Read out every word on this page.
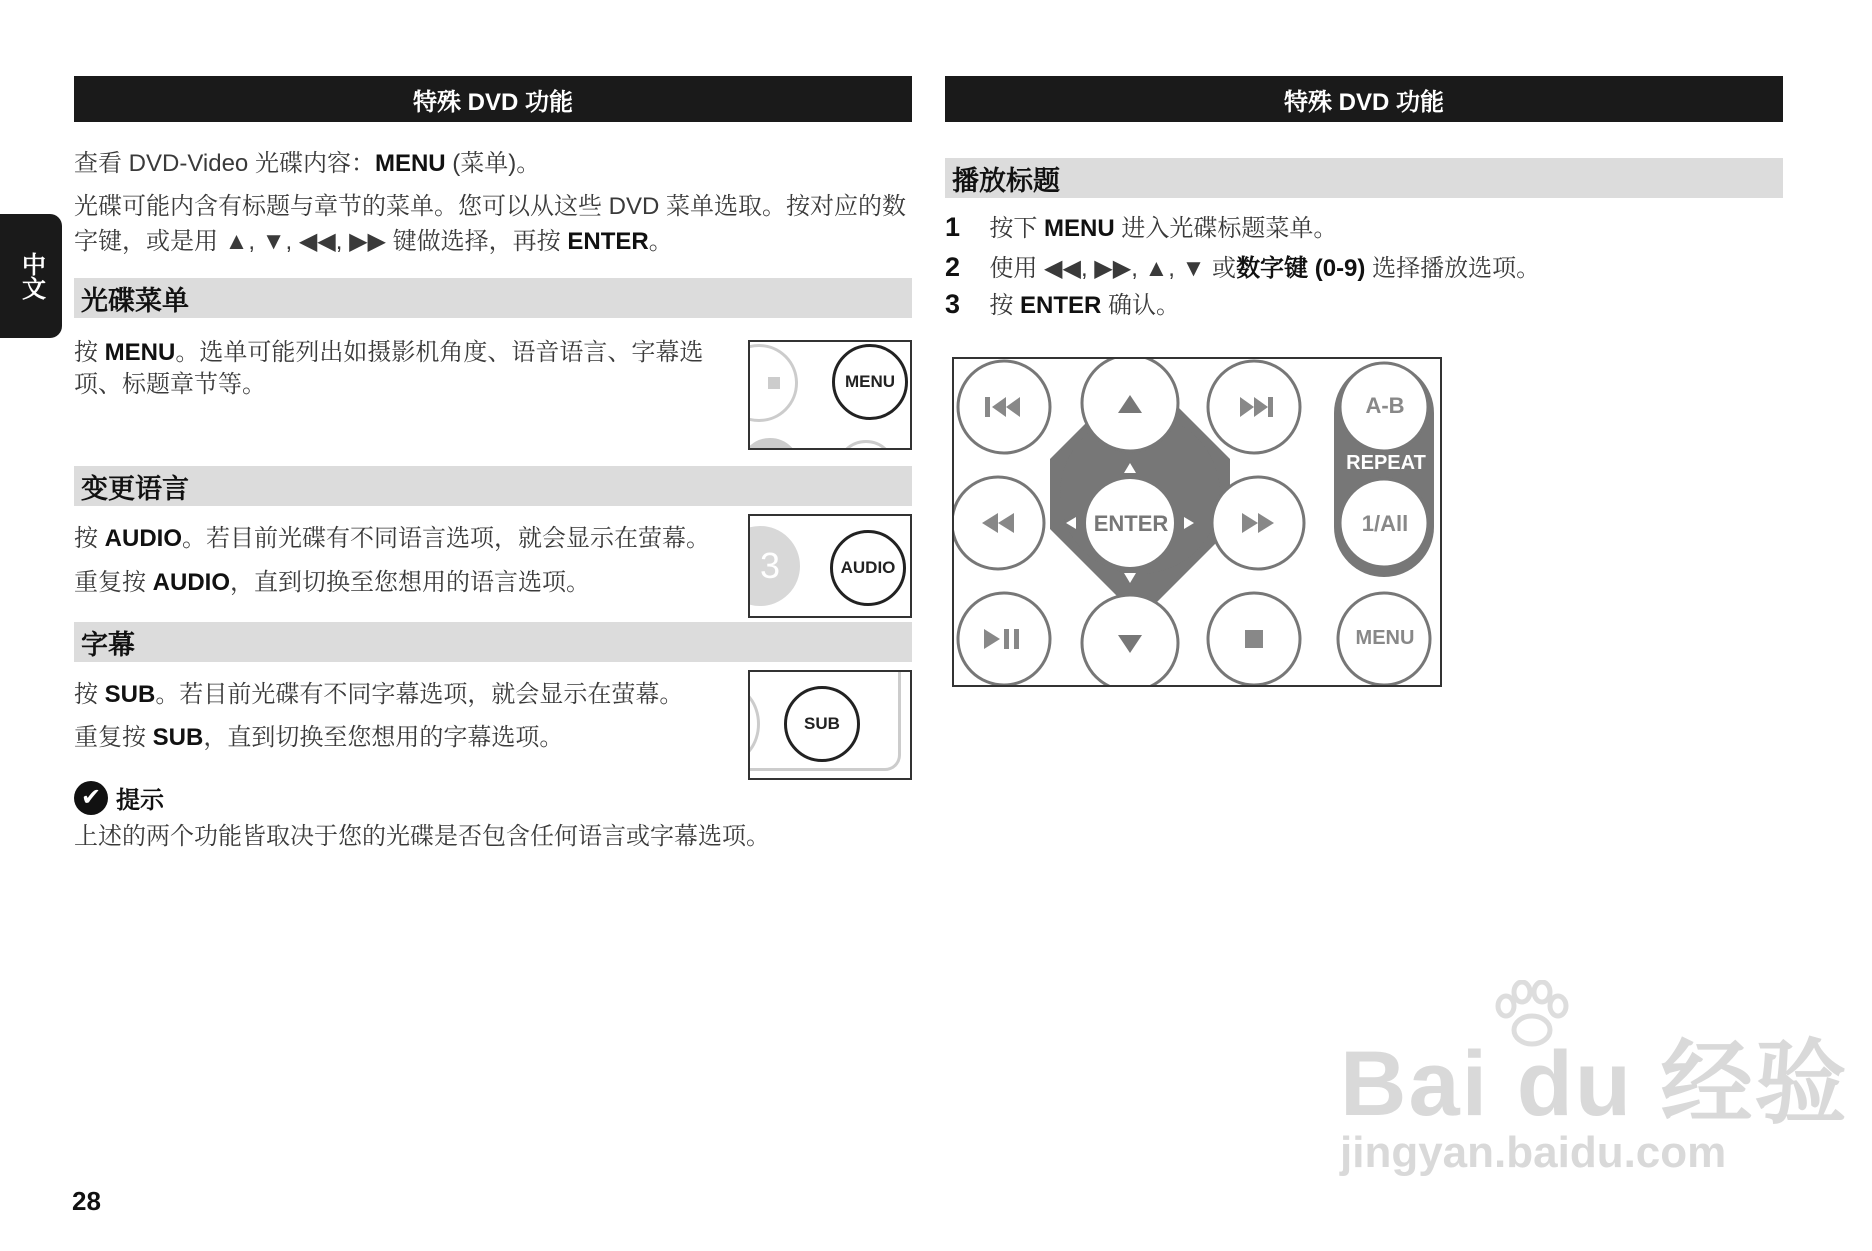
特殊 DVD 功能	特殊 DVD 功能
中文
查看 DVD-Video 光碟内容：MENU (菜单)。
光碟可能内含有标题与章节的菜单。您可以从这些 DVD 菜单选取。按对应的数
字键，或是用 ▲, ▼, ◀◀, ▶▶ 键做选择，再按 ENTER。
光碟菜单
按 MENU。选单可能列出如摄影机角度、语音语言、字幕选
项、标题章节等。	MENU
变更语言
按 AUDIO。若目前光碟有不同语言选项，就会显示在萤幕。
重复按 AUDIO，直到切换至您想用的语言选项。	3	AUDIO
字幕
按 SUB。若目前光碟有不同字幕选项，就会显示在萤幕。
重复按 SUB，直到切换至您想用的字幕选项。
SUB
✔ 提示
上述的两个功能皆取决于您的光碟是否包含任何语言或字幕选项。
播放标题
1 按下 MENU 进入光碟标题菜单。
2 使用 ◀◀, ▶▶, ▲, ▼ 或数字键 (0-9) 选择播放选项。
3 按 ENTER 确认。
ENTER
A-B
REPEAT
1/All
MENU
28
Bai du 经验
jingyan.baidu.com
